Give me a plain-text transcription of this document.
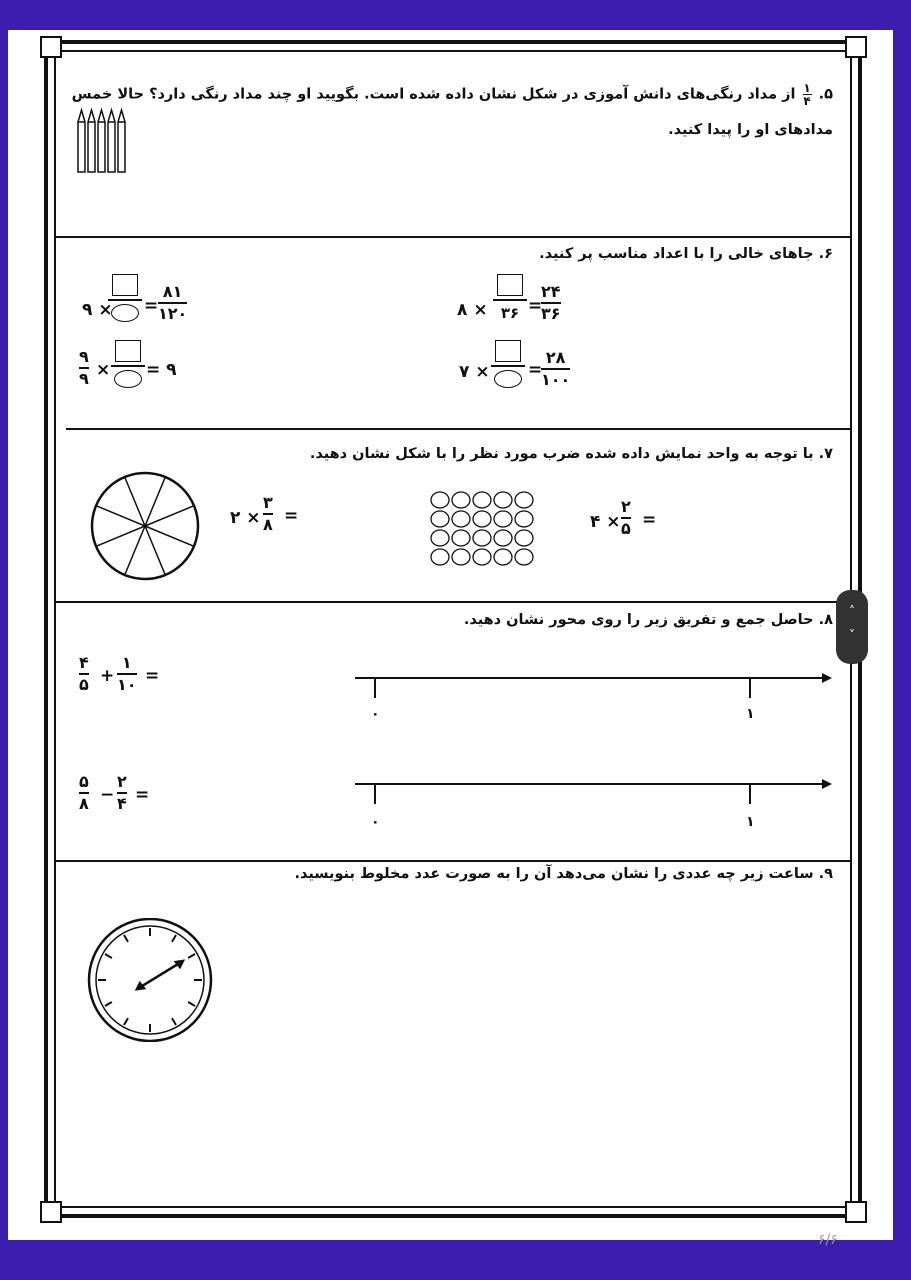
۵.
۱
۴
از مداد رنگی‌های دانش آموزی در شکل نشان داده شده است. بگویید او چند مداد رنگی دارد؟ حالا خمس
مدادهای او را پیدا کنید.
۶. جاهای خالی را با اعداد مناسب پر کنید.
۸ × ۳۶ =
۲۴
۳۶
۹ × =
۸۱
۱۲۰
۷ × =
۲۸
۱۰۰
۹
۹ × = ۹
۷. با توجه به واحد نمایش داده شده ضرب مورد نظر را با شکل نشان دهید.
۲ ×
۳
۸ =	۴ ×
۲
۵ =
۸. حاصل جمع و تفریق زیر را روی محور نشان دهید.
۴
۵ +
۱
۱۰ =
۰	۱
۵
۸ −
۲
۴ =
۰	۱
۹. ساعت زیر چه عددی را نشان می‌دهد آن را به صورت عدد مخلوط بنویسید.
˄
˅
۶/۶
